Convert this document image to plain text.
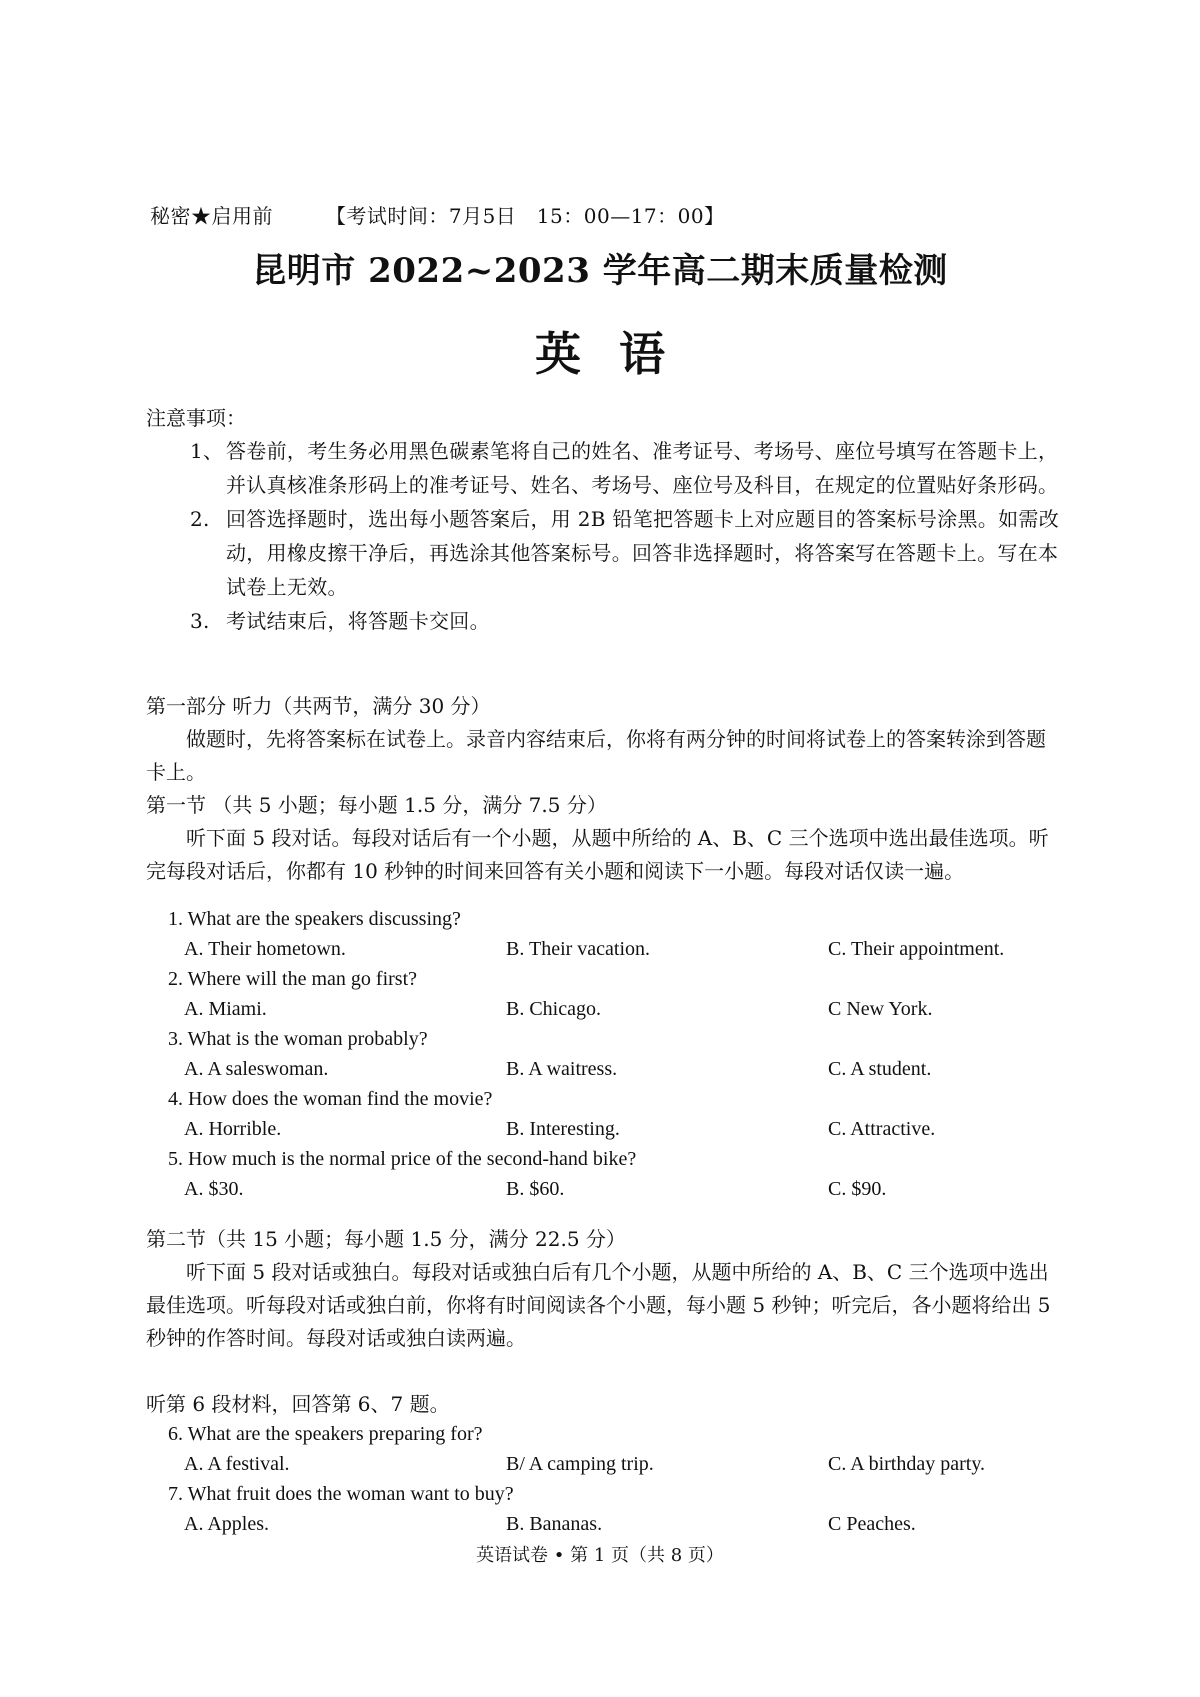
秘密★启用前	【考试时间：7月5日　15：00—17：00】
昆明市 2022~2023 学年高二期末质量检测
英语
注意事项：
1、 答卷前，考生务必用黑色碳素笔将自己的姓名、准考证号、考场号、座位号填写在答题卡上，并认真核准条形码上的准考证号、姓名、考场号、座位号及科目，在规定的位置贴好条形码。
2. 回答选择题时，选出每小题答案后，用 2B 铅笔把答题卡上对应题目的答案标号涂黑。如需改动，用橡皮擦干净后，再选涂其他答案标号。回答非选择题时，将答案写在答题卡上。写在本试卷上无效。
3. 考试结束后，将答题卡交回。
第一部分 听力（共两节，满分 30 分）
做题时，先将答案标在试卷上。录音内容结束后，你将有两分钟的时间将试卷上的答案转涂到答题卡上。
第一节 （共 5 小题；每小题 1.5 分，满分 7.5 分）
听下面 5 段对话。每段对话后有一个小题，从题中所给的 A、B、C 三个选项中选出最佳选项。听完每段对话后，你都有 10 秒钟的时间来回答有关小题和阅读下一小题。每段对话仅读一遍。
1. What are the speakers discussing?
A. Their hometown.	B. Their vacation.	C. Their appointment.
2. Where will the man go first?
A. Miami.	B. Chicago.	C New York.
3. What is the woman probably?
A. A saleswoman.	B. A waitress.	C. A student.
4. How does the woman find the movie?
A. Horrible.	B. Interesting.	C. Attractive.
5. How much is the normal price of the second-hand bike?
A. $30.	B. $60.	C. $90.
第二节（共 15 小题；每小题 1.5 分，满分 22.5 分）
听下面 5 段对话或独白。每段对话或独白后有几个小题，从题中所给的 A、B、C 三个选项中选出最佳选项。听每段对话或独白前，你将有时间阅读各个小题，每小题 5 秒钟；听完后，各小题将给出 5 秒钟的作答时间。每段对话或独白读两遍。
听第 6 段材料，回答第 6、7 题。
6. What are the speakers preparing for?
A. A festival.	B/ A camping trip.	C. A birthday party.
7. What fruit does the woman want to buy?
A. Apples.	B. Bananas.	C Peaches.
英语试卷 • 第 1 页（共 8 页）
